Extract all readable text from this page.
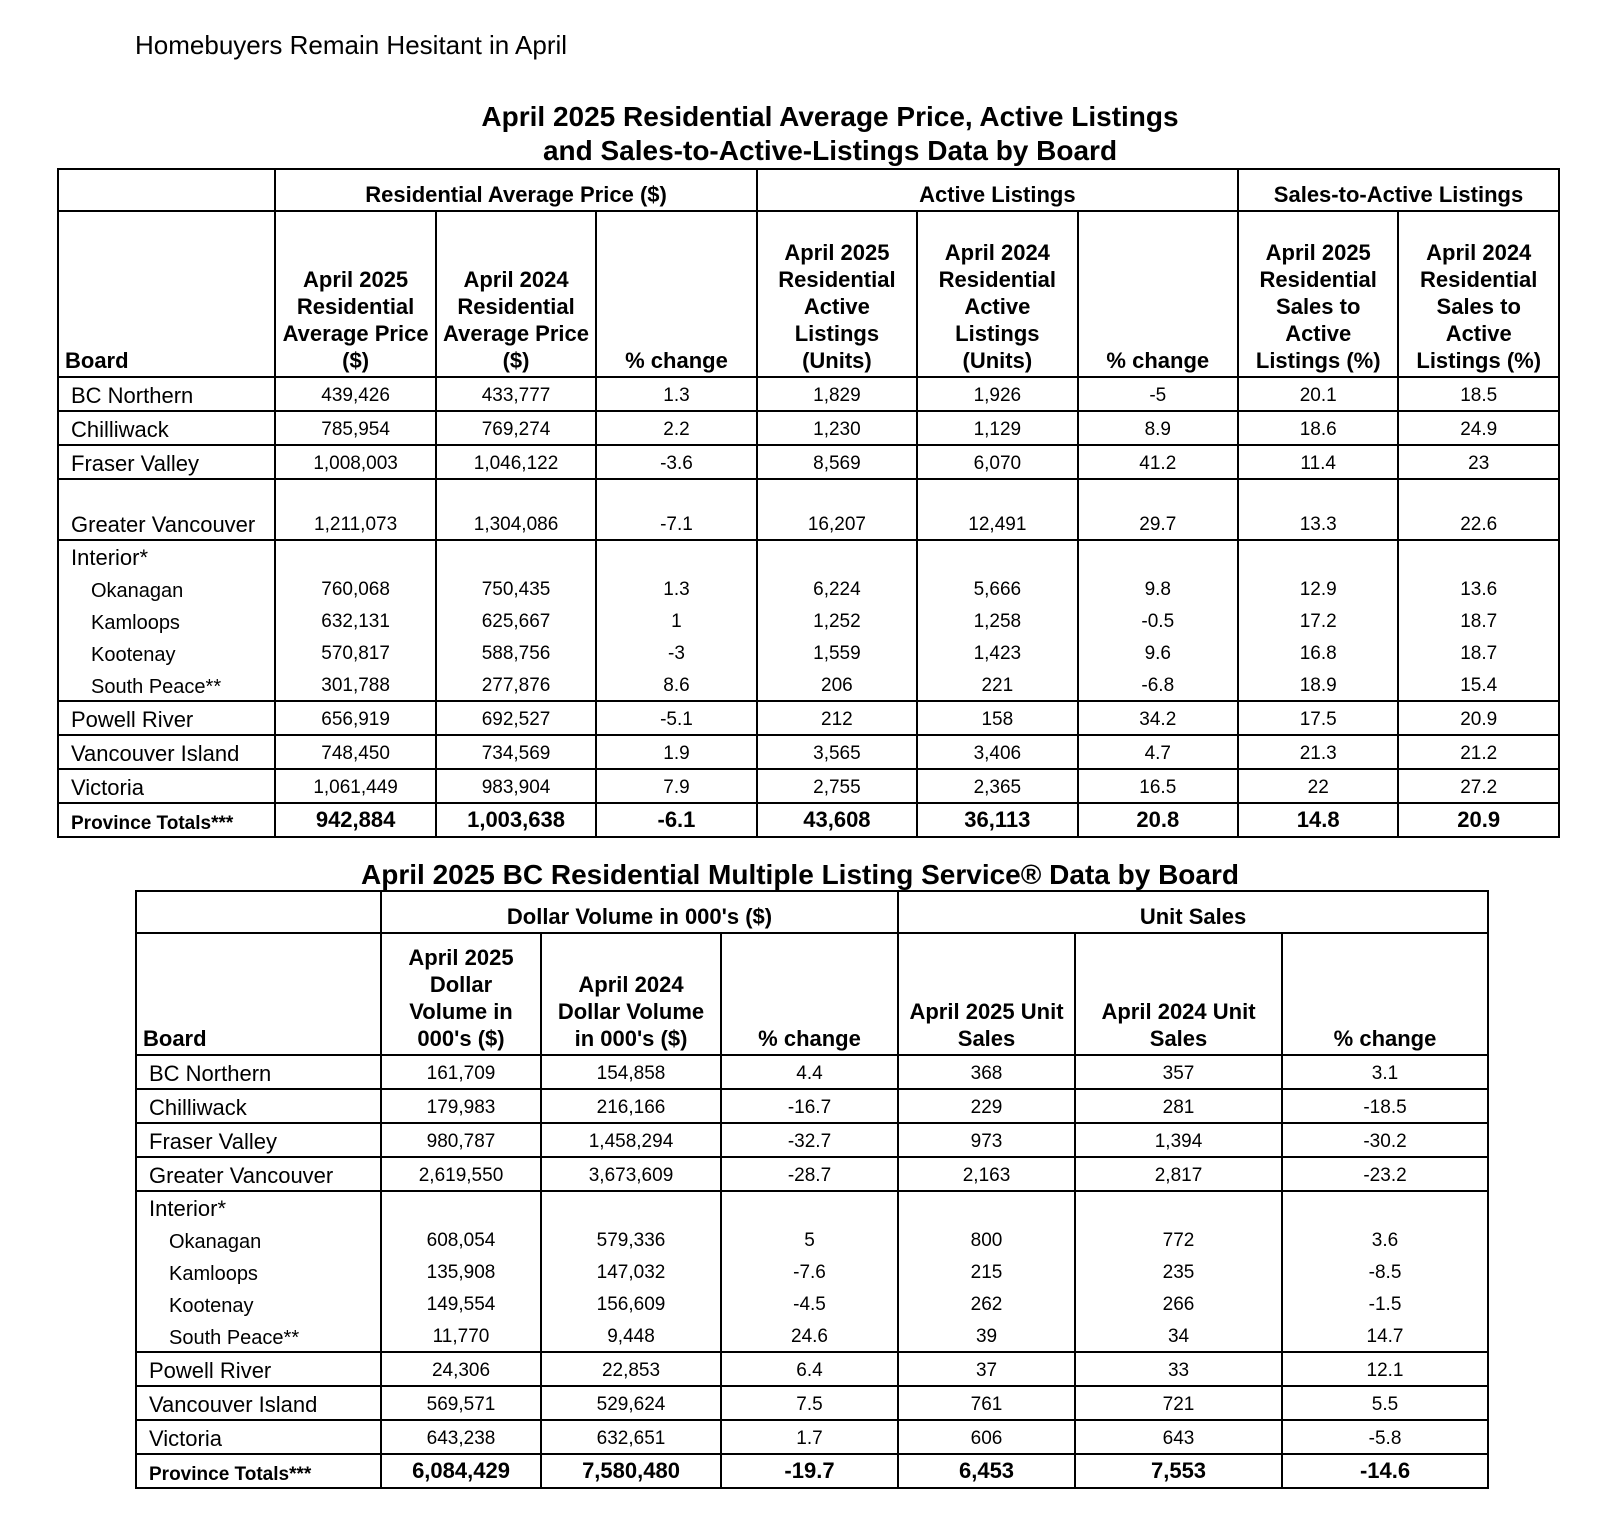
Homebuyers Remain Hesitant in April
April 2025 Residential Average Price, Active Listings
and Sales-to-Active-Listings Data by Board
	Residential Average Price ($)			Active Listings			Sales-to-Active Listings	
Board	April 2025 Residential Average Price ($)	April 2024 Residential Average Price ($)	% change	April 2025 Residential Active Listings (Units)	April 2024 Residential Active Listings (Units)	% change	April 2025 Residential Sales to Active Listings (%)	April 2024 Residential Sales to Active Listings (%)
BC Northern	439,426	433,777	1.3	1,829	1,926	-5	20.1	18.5
Chilliwack	785,954	769,274	2.2	1,230	1,129	8.9	18.6	24.9
Fraser Valley	1,008,003	1,046,122	-3.6	8,569	6,070	41.2	11.4	23
Greater Vancouver	1,211,073	1,304,086	-7.1	16,207	12,491	29.7	13.3	22.6
Interior*								
Okanagan	760,068	750,435	1.3	6,224	5,666	9.8	12.9	13.6
Kamloops	632,131	625,667	1	1,252	1,258	-0.5	17.2	18.7
Kootenay	570,817	588,756	-3	1,559	1,423	9.6	16.8	18.7
South Peace**	301,788	277,876	8.6	206	221	-6.8	18.9	15.4
Powell River	656,919	692,527	-5.1	212	158	34.2	17.5	20.9
Vancouver Island	748,450	734,569	1.9	3,565	3,406	4.7	21.3	21.2
Victoria	1,061,449	983,904	7.9	2,755	2,365	16.5	22	27.2
Province Totals***	942,884	1,003,638	-6.1	43,608	36,113	20.8	14.8	20.9
April 2025 BC Residential Multiple Listing Service® Data by Board
	Dollar Volume in 000's ($)			Unit Sales		
Board	April 2025 Dollar Volume in 000's ($)	April 2024 Dollar Volume in 000's ($)	% change	April 2025 Unit Sales	April 2024 Unit Sales	% change
BC Northern	161,709	154,858	4.4	368	357	3.1
Chilliwack	179,983	216,166	-16.7	229	281	-18.5
Fraser Valley	980,787	1,458,294	-32.7	973	1,394	-30.2
Greater Vancouver	2,619,550	3,673,609	-28.7	2,163	2,817	-23.2
Interior*						
Okanagan	608,054	579,336	5	800	772	3.6
Kamloops	135,908	147,032	-7.6	215	235	-8.5
Kootenay	149,554	156,609	-4.5	262	266	-1.5
South Peace**	11,770	9,448	24.6	39	34	14.7
Powell River	24,306	22,853	6.4	37	33	12.1
Vancouver Island	569,571	529,624	7.5	761	721	5.5
Victoria	643,238	632,651	1.7	606	643	-5.8
Province Totals***	6,084,429	7,580,480	-19.7	6,453	7,553	-14.6
